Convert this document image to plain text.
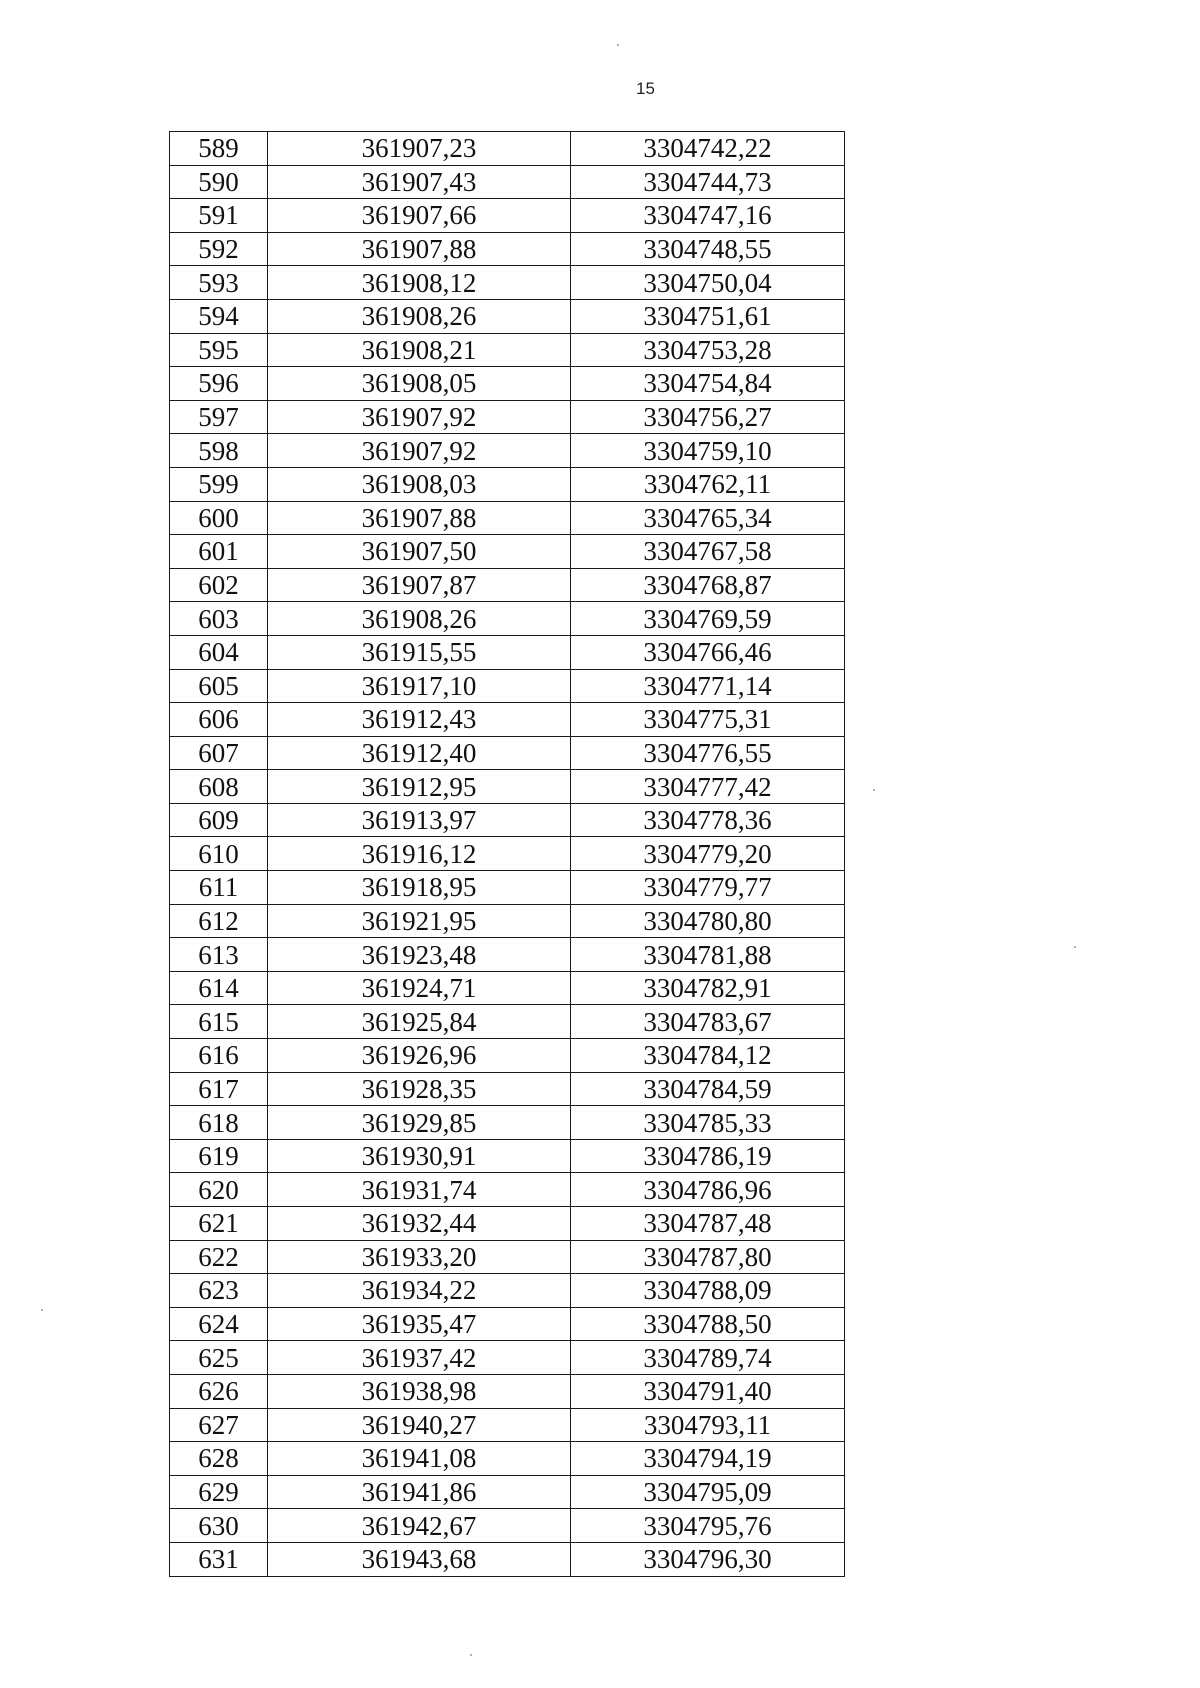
15
589	361907,23	3304742,22
590	361907,43	3304744,73
591	361907,66	3304747,16
592	361907,88	3304748,55
593	361908,12	3304750,04
594	361908,26	3304751,61
595	361908,21	3304753,28
596	361908,05	3304754,84
597	361907,92	3304756,27
598	361907,92	3304759,10
599	361908,03	3304762,11
600	361907,88	3304765,34
601	361907,50	3304767,58
602	361907,87	3304768,87
603	361908,26	3304769,59
604	361915,55	3304766,46
605	361917,10	3304771,14
606	361912,43	3304775,31
607	361912,40	3304776,55
608	361912,95	3304777,42
609	361913,97	3304778,36
610	361916,12	3304779,20
611	361918,95	3304779,77
612	361921,95	3304780,80
613	361923,48	3304781,88
614	361924,71	3304782,91
615	361925,84	3304783,67
616	361926,96	3304784,12
617	361928,35	3304784,59
618	361929,85	3304785,33
619	361930,91	3304786,19
620	361931,74	3304786,96
621	361932,44	3304787,48
622	361933,20	3304787,80
623	361934,22	3304788,09
624	361935,47	3304788,50
625	361937,42	3304789,74
626	361938,98	3304791,40
627	361940,27	3304793,11
628	361941,08	3304794,19
629	361941,86	3304795,09
630	361942,67	3304795,76
631	361943,68	3304796,30
